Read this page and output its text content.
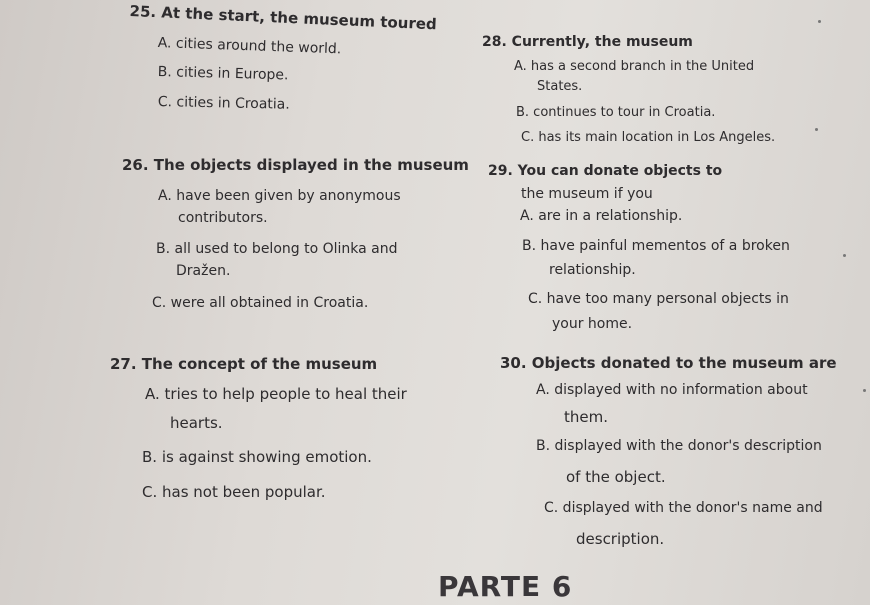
25. At the start, the museum toured
A. cities around the world.
B. cities in Europe.
C. cities in Croatia.
28. Currently, the museum
A. has a second branch in the United
States.
B. continues to tour in Croatia.
C. has its main location in Los Angeles.
26. The objects displayed in the museum
A. have been given by anonymous
contributors.
B. all used to belong to Olinka and
Dražen.
C. were all obtained in Croatia.
29. You can donate objects to
the museum if you
A. are in a relationship.
B. have painful mementos of a broken
relationship.
C. have too many personal objects in
your home.
27. The concept of the museum
A. tries to help people to heal their
hearts.
B. is against showing emotion.
C. has not been popular.
30. Objects donated to the museum are
A. displayed with no information about
them.
B. displayed with the donor's description
of the object.
C. displayed with the donor's name and
description.
PARTE 6
